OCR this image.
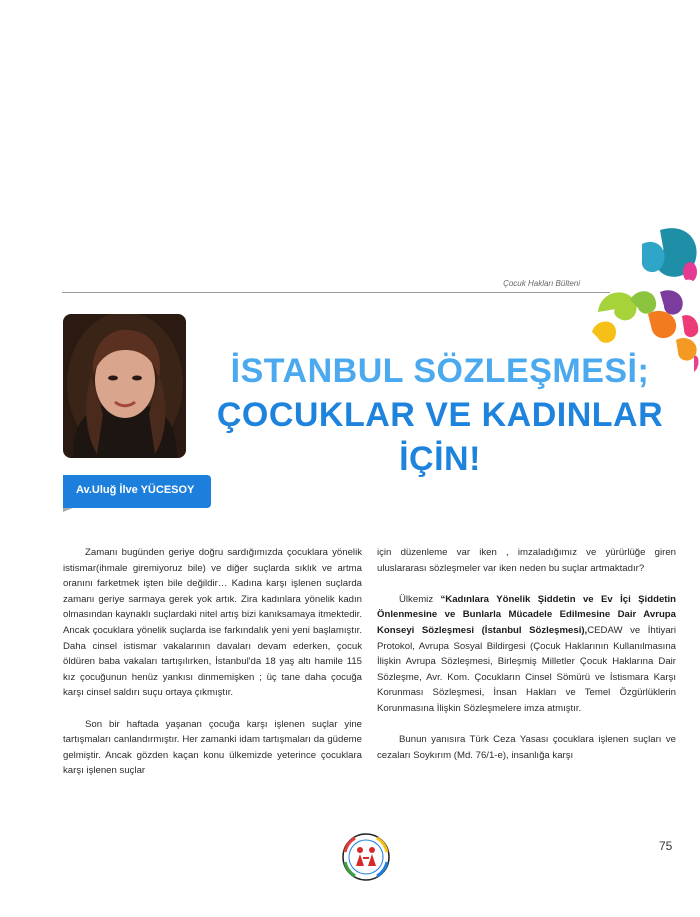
Çocuk Hakları Bülteni
Av.Uluğ İlve YÜCESOY
İSTANBUL SÖZLEŞMESİ;
ÇOCUKLAR VE KADINLAR
İÇİN!

Zamanı bugünden geriye doğru sardığımızda çocuklara yönelik istismar(ihmale giremiyoruz bile) ve diğer suçlarda sıklık ve artma oranını farketmek işten bile değildir… Kadına karşı işlenen suçlarda zamanı geriye sarmaya gerek yok artık. Zira kadınlara yönelik kadın olmasından kaynaklı suçlardaki nitel artış bizi kanıksamaya itmektedir. Ancak çocuklara yönelik suçlarda ise farkındalık yeni yeni başlamıştır. Daha cinsel istismar vakalarının davaları devam ederken, çocuk öldüren baba vakaları tartışılırken, İstanbul'da 18 yaş altı hamile 115 kız çocuğunun henüz yankısı dinmemişken ; üç tane daha çocuğa karşı cinsel saldırı suçu ortaya çıkmıştır.

Son bir haftada yaşanan çocuğa karşı işlenen suçlar yine tartışmaları canlandırmıştır. Her zamanki idam tartışmaları da güdeme gelmiştir. Ancak gözden kaçan konu ülkemizde yeterince çocuklara karşı işlenen suçlar

için düzenleme var iken , imzaladığımız ve yürürlüğe giren uluslararası sözleşmeler var iken neden bu suçlar artmaktadır?

Ülkemiz “Kadınlara Yönelik Şiddetin ve Ev İçi Şiddetin Önlenmesine ve Bunlarla Mücadele Edilmesine Dair Avrupa Konseyi Sözleşmesi (İstanbul Sözleşmesi),CEDAW ve İhtiyari Protokol, Avrupa Sosyal Bildirgesi (Çocuk Haklarının Kullanılmasına İlişkin Avrupa Sözleşmesi, Birleşmiş Milletler Çocuk Haklarına Dair Sözleşme, Avr. Kom. Çocukların Cinsel Sömürü ve İstismara Karşı Korunması Sözleşmesi, İnsan Hakları ve Temel Özgürlüklerin Korunmasına İlişkin Sözleşmelere imza atmıştır.

Bunun yanısıra Türk Ceza Yasası çocuklara işlenen suçları ve cezaları Soykırım (Md. 76/1-e), insanlığa karşı

75
